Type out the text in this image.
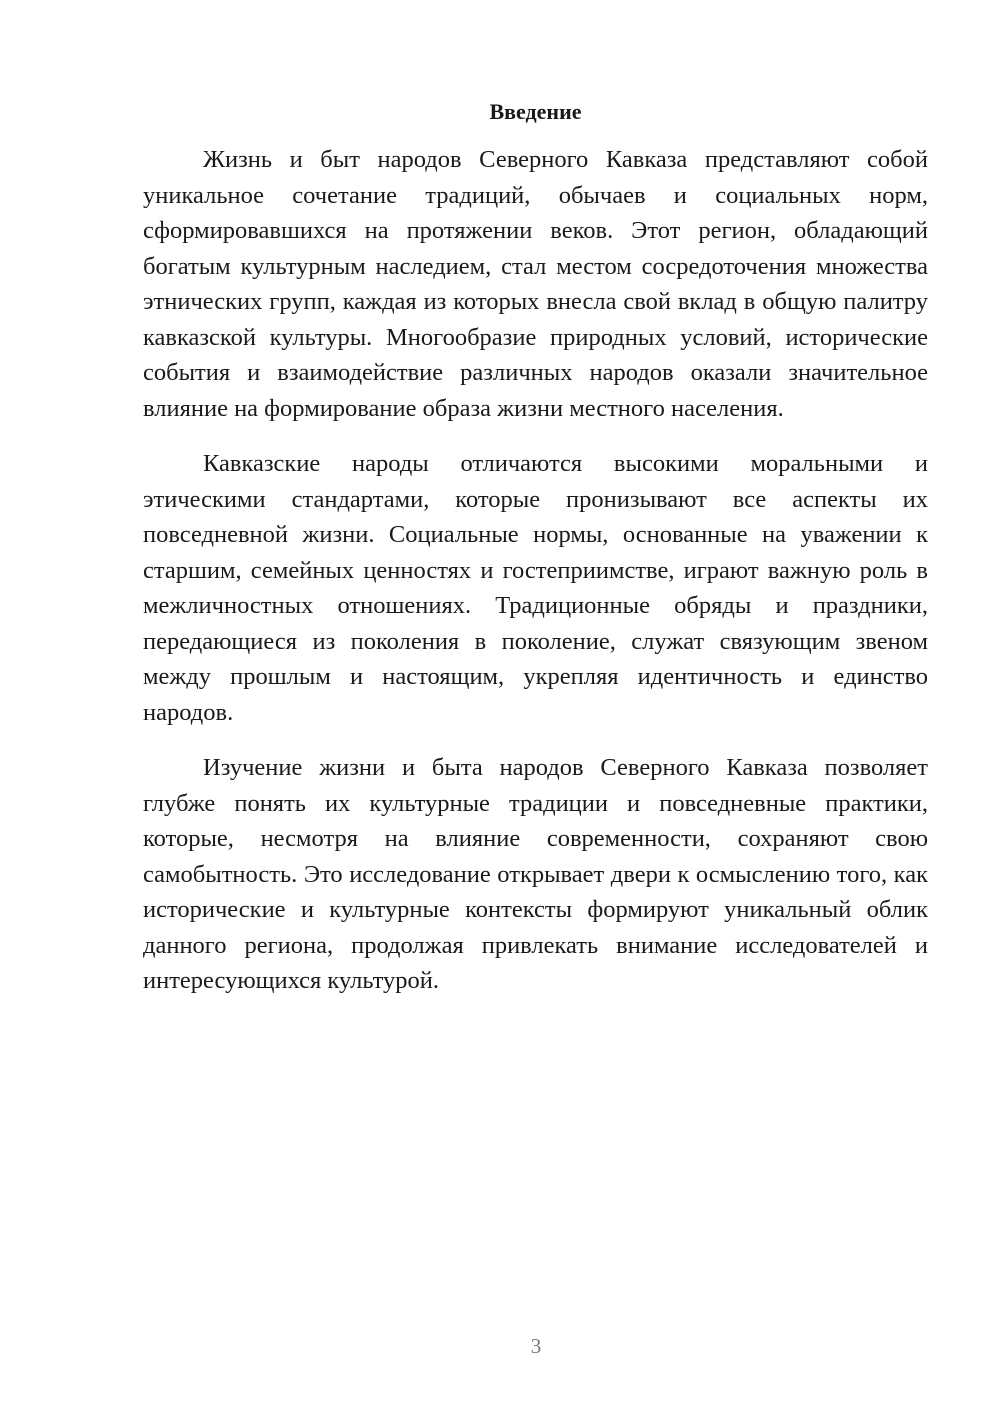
Введение

Жизнь и быт народов Северного Кавказа представляют собой уникальное сочетание традиций, обычаев и социальных норм, сформировавшихся на протяжении веков. Этот регион, обладающий богатым культурным наследием, стал местом сосредоточения множества этнических групп, каждая из которых внесла свой вклад в общую палитру кавказской культуры. Многообразие природных условий, исторические события и взаимодействие различных народов оказали значительное влияние на формирование образа жизни местного населения.

Кавказские народы отличаются высокими моральными и этическими стандартами, которые пронизывают все аспекты их повседневной жизни. Социальные нормы, основанные на уважении к старшим, семейных ценностях и гостеприимстве, играют важную роль в межличностных отношениях. Традиционные обряды и праздники, передающиеся из поколения в поколение, служат связующим звеном между прошлым и настоящим, укрепляя идентичность и единство народов.

Изучение жизни и быта народов Северного Кавказа позволяет глубже понять их культурные традиции и повседневные практики, которые, несмотря на влияние современности, сохраняют свою самобытность. Это исследование открывает двери к осмыслению того, как исторические и культурные контексты формируют уникальный облик данного региона, продолжая привлекать внимание исследователей и интересующихся культурой.

3
